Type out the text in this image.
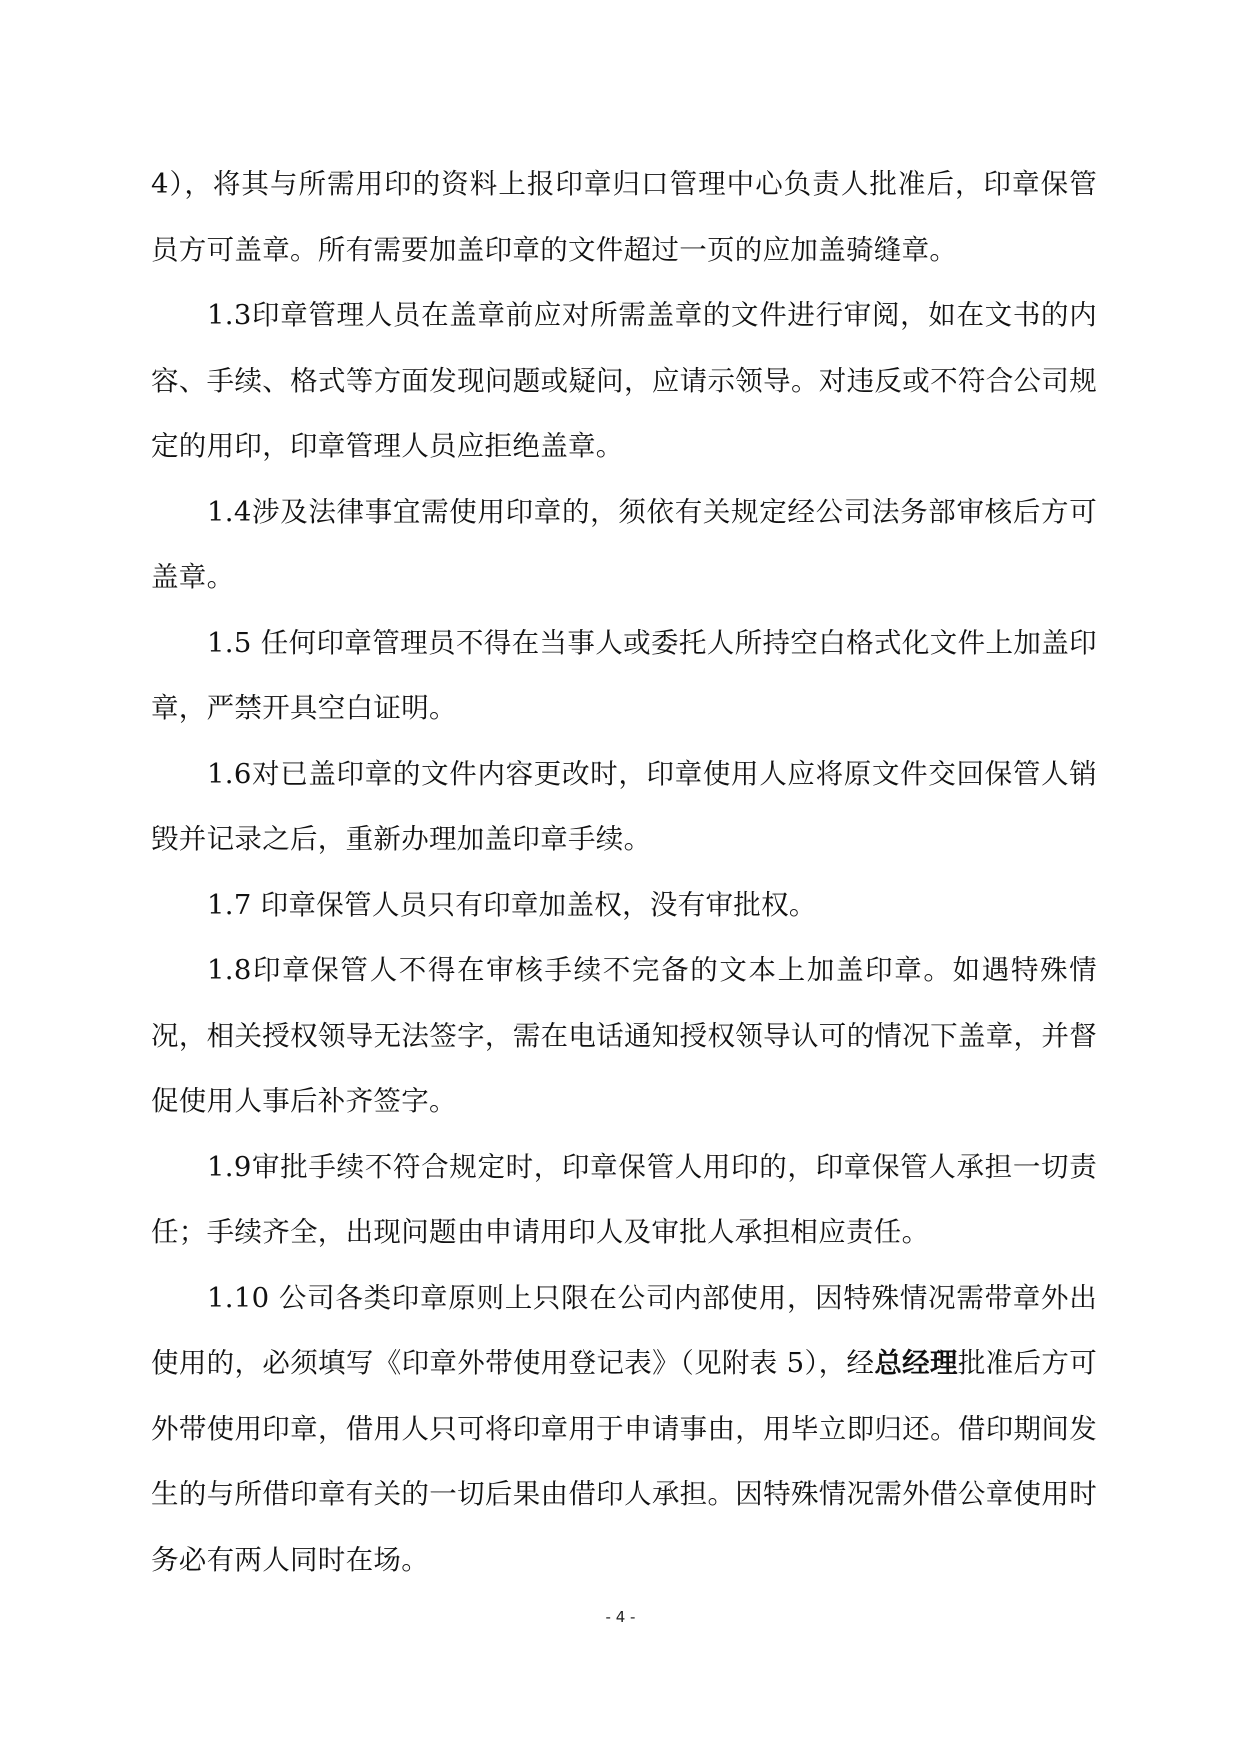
4），将其与所需用印的资料上报印章归口管理中心负责人批准后，印章保管员方可盖章。所有需要加盖印章的文件超过一页的应加盖骑缝章。

1.3印章管理人员在盖章前应对所需盖章的文件进行审阅，如在文书的内容、手续、格式等方面发现问题或疑问，应请示领导。对违反或不符合公司规定的用印，印章管理人员应拒绝盖章。

1.4涉及法律事宜需使用印章的，须依有关规定经公司法务部审核后方可盖章。

1.5 任何印章管理员不得在当事人或委托人所持空白格式化文件上加盖印章，严禁开具空白证明。

1.6对已盖印章的文件内容更改时，印章使用人应将原文件交回保管人销毁并记录之后，重新办理加盖印章手续。

1.7 印章保管人员只有印章加盖权，没有审批权。

1.8印章保管人不得在审核手续不完备的文本上加盖印章。如遇特殊情况，相关授权领导无法签字，需在电话通知授权领导认可的情况下盖章，并督促使用人事后补齐签字。

1.9审批手续不符合规定时，印章保管人用印的，印章保管人承担一切责任；手续齐全，出现问题由申请用印人及审批人承担相应责任。

1.10 公司各类印章原则上只限在公司内部使用，因特殊情况需带章外出使用的，必须填写《印章外带使用登记表》（见附表 5），经总经理批准后方可外带使用印章，借用人只可将印章用于申请事由，用毕立即归还。借印期间发生的与所借印章有关的一切后果由借印人承担。因特殊情况需外借公章使用时务必有两人同时在场。

- 4 -
